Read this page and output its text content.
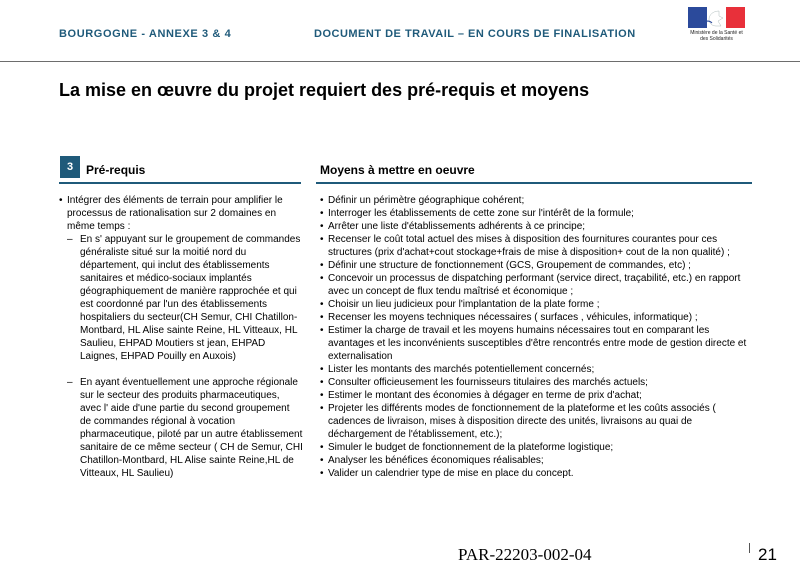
BOURGOGNE - ANNEXE 3 & 4	DOCUMENT DE TRAVAIL – EN COURS DE FINALISATION	Ministère de la Santé et des Solidarités
La mise en œuvre du projet requiert des pré-requis et moyens
3	Pré-requis	Moyens à mettre en oeuvre
• Intégrer des éléments de terrain pour amplifier le processus de rationalisation sur 2 domaines en même temps :
– En s' appuyant sur le groupement de commandes généraliste situé sur la moitié nord du département, qui inclut des établissements sanitaires et médico-sociaux implantés géographiquement de manière rapprochée et qui est coordonné par l'un des établissements hospitaliers du secteur(CH Semur, CHI Chatillon-Montbard, HL Alise sainte Reine, HL Vitteaux, HL Saulieu, EHPAD Moutiers st jean, EHPAD Laignes, EHPAD Pouilly en Auxois)
– En ayant éventuellement une approche régionale sur le secteur des produits pharmaceutiques, avec l' aide d'une partie du second groupement de commandes régional à vocation pharmaceutique, piloté par un autre établissement sanitaire de ce même secteur ( CH de Semur, CHI Chatillon-Montbard, HL Alise sainte Reine,HL de Vitteaux, HL Saulieu)
• Définir un périmètre géographique cohérent;
• Interroger les établissements de cette zone sur l'intérêt de la formule;
• Arrêter une liste d'établissements adhérents à ce principe;
• Recenser le coût total actuel des mises à disposition des fournitures courantes pour ces structures (prix d'achat+cout stockage+frais de mise à disposition+ cout de la non qualité) ;
• Définir une structure de fonctionnement (GCS, Groupement de commandes, etc) ;
• Concevoir un processus de dispatching performant (service direct, traçabilité, etc.) en rapport avec un concept de flux tendu maîtrisé et économique ;
• Choisir un lieu judicieux pour l'implantation de la plate forme ;
• Recenser les moyens techniques nécessaires ( surfaces , véhicules, informatique) ;
• Estimer la charge de travail et les moyens humains nécessaires tout en comparant les avantages et les inconvénients susceptibles d'être rencontrés entre mode de gestion directe et externalisation
• Lister les montants des marchés potentiellement concernés;
• Consulter officieusement les fournisseurs titulaires des marchés actuels;
• Estimer le montant des économies à dégager en terme de prix d'achat;
• Projeter les différents modes de fonctionnement de la plateforme et les coûts associés ( cadences de livraison, mises à disposition directe des unités, livraisons au quai de déchargement de l'établissement, etc.);
• Simuler le budget de fonctionnement de la plateforme logistique;
• Analyser les bénéfices économiques réalisables;
• Valider un calendrier type de mise en place du concept.
PAR-22203-002-04	21
